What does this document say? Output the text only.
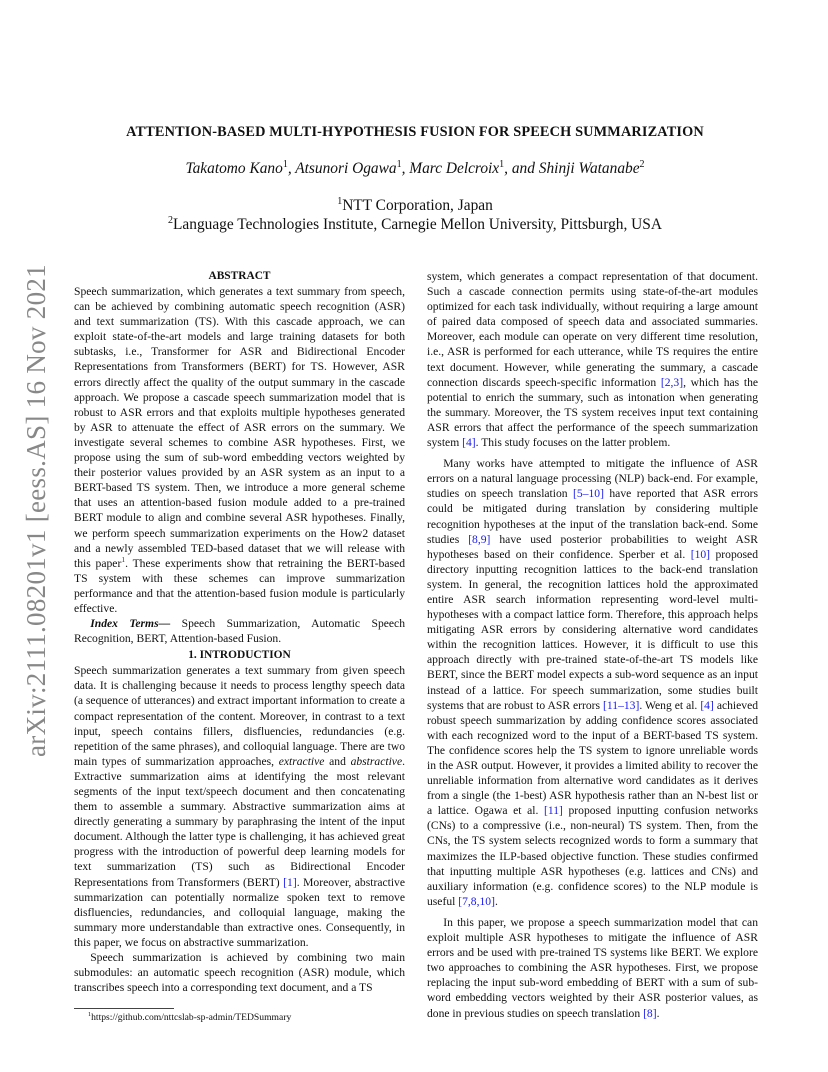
arXiv:2111.08201v1 [eess.AS] 16 Nov 2021
ATTENTION-BASED MULTI-HYPOTHESIS FUSION FOR SPEECH SUMMARIZATION
Takatomo Kano$^1$, Atsunori Ogawa$^1$, Marc Delcroix$^1$, and Shinji Watanabe$^2$
$^1$NTT Corporation, Japan
$^2$Language Technologies Institute, Carnegie Mellon University, Pittsburgh, USA
ABSTRACT

Speech summarization, which generates a text summary from speech, can be achieved by combining automatic speech recognition (ASR) and text summarization (TS). With this cascade approach, we can exploit state-of-the-art models and large training datasets for both subtasks, i.e., Transformer for ASR and Bidirectional Encoder Representations from Transformers (BERT) for TS. However, ASR errors directly affect the quality of the output summary in the cascade approach. We propose a cascade speech summarization model that is robust to ASR errors and that exploits multiple hypotheses generated by ASR to attenuate the effect of ASR errors on the summary. We investigate several schemes to combine ASR hypotheses. First, we propose using the sum of sub-word embedding vectors weighted by their posterior values provided by an ASR system as an input to a BERT-based TS system. Then, we introduce a more general scheme that uses an attention-based fusion module added to a pre-trained BERT module to align and combine several ASR hypotheses. Finally, we perform speech summarization experiments on the How2 dataset and a newly assembled TED-based dataset that we will release with this paper$^1$. These experiments show that retraining the BERT-based TS system with these schemes can improve summarization performance and that the attention-based fusion module is particularly effective.

Index Terms— Speech Summarization, Automatic Speech Recognition, BERT, Attention-based Fusion.

1. INTRODUCTION

Speech summarization generates a text summary from given speech data. It is challenging because it needs to process lengthy speech data (a sequence of utterances) and extract important information to create a compact representation of the content. Moreover, in contrast to a text input, speech contains fillers, disfluencies, redundancies (e.g. repetition of the same phrases), and colloquial language. There are two main types of summarization approaches, extractive and abstractive. Extractive summarization aims at identifying the most relevant segments of the input text/speech document and then concatenating them to assemble a summary. Abstractive summarization aims at directly generating a summary by paraphrasing the intent of the input document. Although the latter type is challenging, it has achieved great progress with the introduction of powerful deep learning models for text summarization (TS) such as Bidirectional Encoder Representations from Transformers (BERT) [1]. Moreover, abstractive summarization can potentially normalize spoken text to remove disfluencies, redundancies, and colloquial language, making the summary more understandable than extractive ones. Consequently, in this paper, we focus on abstractive summarization.

Speech summarization is achieved by combining two main submodules: an automatic speech recognition (ASR) module, which transcribes speech into a corresponding text document, and a TS

$^1$https://github.com/nttcslab-sp-admin/TEDSummary

system, which generates a compact representation of that document. Such a cascade connection permits using state-of-the-art modules optimized for each task individually, without requiring a large amount of paired data composed of speech data and associated summaries. Moreover, each module can operate on very different time resolution, i.e., ASR is performed for each utterance, while TS requires the entire text document. However, while generating the summary, a cascade connection discards speech-specific information [2,3], which has the potential to enrich the summary, such as intonation when generating the summary. Moreover, the TS system receives input text containing ASR errors that affect the performance of the speech summarization system [4]. This study focuses on the latter problem.

Many works have attempted to mitigate the influence of ASR errors on a natural language processing (NLP) back-end. For example, studies on speech translation [5–10] have reported that ASR errors could be mitigated during translation by considering multiple recognition hypotheses at the input of the translation back-end. Some studies [8,9] have used posterior probabilities to weight ASR hypotheses based on their confidence. Sperber et al. [10] proposed directory inputting recognition lattices to the back-end translation system. In general, the recognition lattices hold the approximated entire ASR search information representing word-level multi-hypotheses with a compact lattice form. Therefore, this approach helps mitigating ASR errors by considering alternative word candidates within the recognition lattices. However, it is difficult to use this approach directly with pre-trained state-of-the-art TS models like BERT, since the BERT model expects a sub-word sequence as an input instead of a lattice. For speech summarization, some studies built systems that are robust to ASR errors [11–13]. Weng et al. [4] achieved robust speech summarization by adding confidence scores associated with each recognized word to the input of a BERT-based TS system. The confidence scores help the TS system to ignore unreliable words in the ASR output. However, it provides a limited ability to recover the unreliable information from alternative word candidates as it derives from a single (the 1-best) ASR hypothesis rather than an N-best list or a lattice. Ogawa et al. [11] proposed inputting confusion networks (CNs) to a compressive (i.e., non-neural) TS system. Then, from the CNs, the TS system selects recognized words to form a summary that maximizes the ILP-based objective function. These studies confirmed that inputting multiple ASR hypotheses (e.g. lattices and CNs) and auxiliary information (e.g. confidence scores) to the NLP module is useful [7,8,10].

In this paper, we propose a speech summarization model that can exploit multiple ASR hypotheses to mitigate the influence of ASR errors and be used with pre-trained TS systems like BERT. We explore two approaches to combining the ASR hypotheses. First, we propose replacing the input sub-word embedding of BERT with a sum of sub-word embedding vectors weighted by their ASR posterior values, as done in previous studies on speech translation [8].
